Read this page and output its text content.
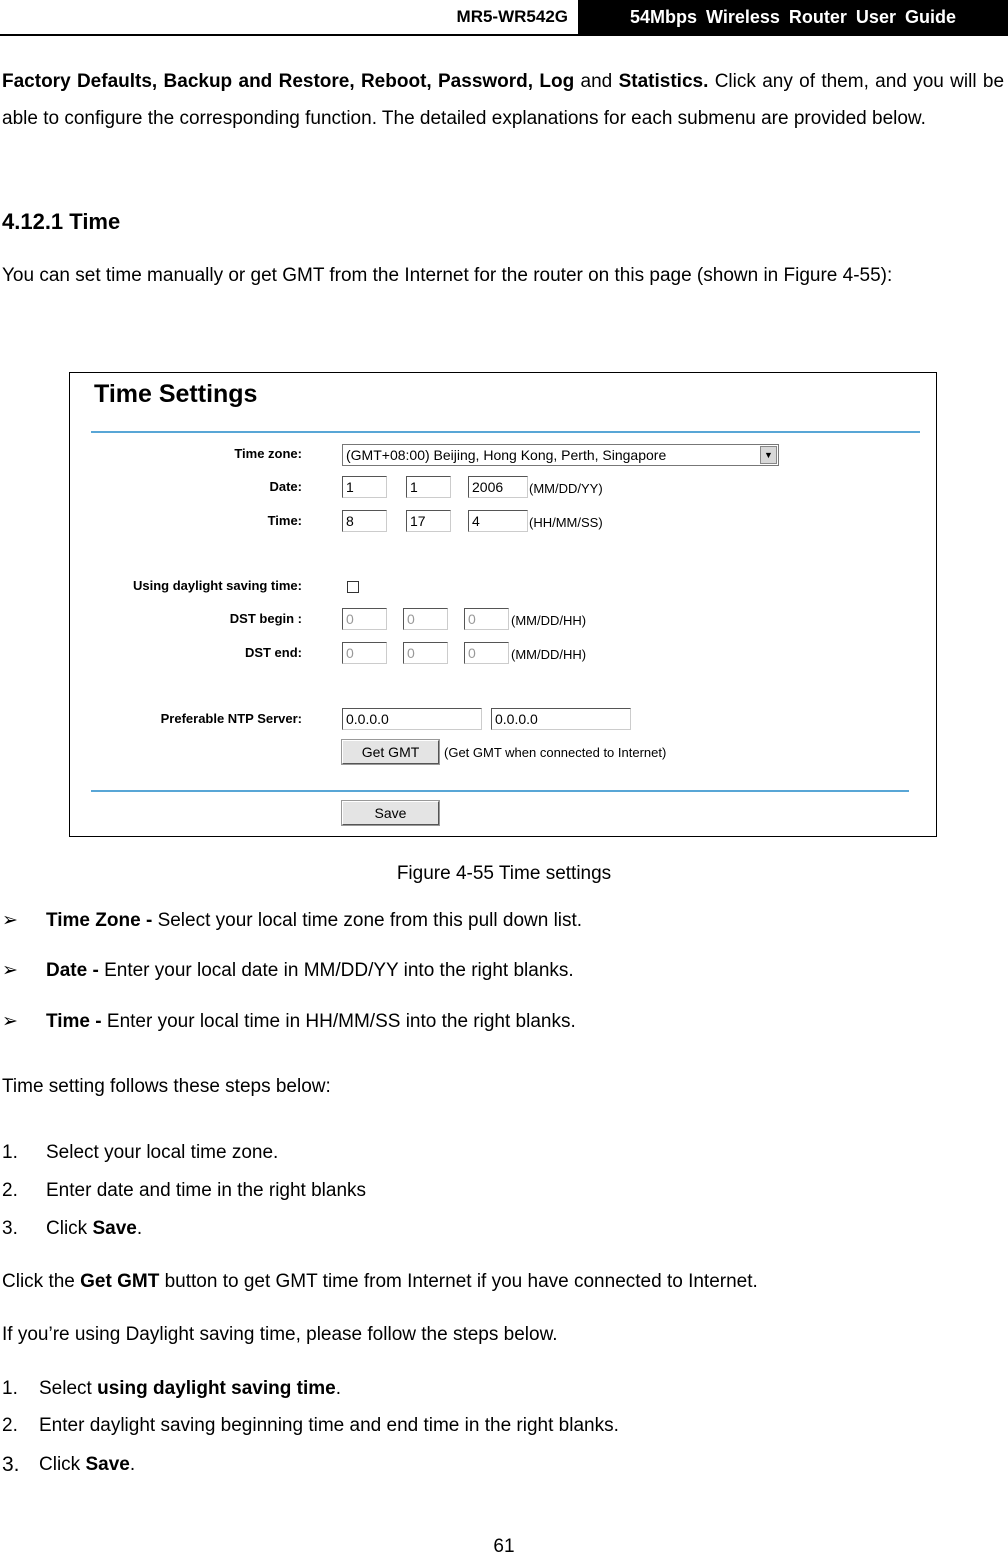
MR5-WR542G	54Mbps Wireless Router User Guide
Factory Defaults, Backup and Restore, Reboot, Password, Log and Statistics. Click any of them, and you will be able to configure the corresponding function. The detailed explanations for each submenu are provided below.
4.12.1 Time
You can set time manually or get GMT from the Internet for the router on this page (shown in Figure 4-55):
Time Settings
Time zone:	(GMT+08:00) Beijing, Hong Kong, Perth, Singapore	▼
Date:	1	1	2006	(MM/DD/YY)
Time:	8	17	4	(HH/MM/SS)
Using daylight saving time:
DST begin :	0	0	0	(MM/DD/HH)
DST end:	0	0	0	(MM/DD/HH)
Preferable NTP Server:	0.0.0.0	0.0.0.0
Get GMT	(Get GMT when connected to Internet)
Save
Figure 4-55 Time settings
➢	Time Zone - Select your local time zone from this pull down list.
➢	Date - Enter your local date in MM/DD/YY into the right blanks.
➢	Time - Enter your local time in HH/MM/SS into the right blanks.
Time setting follows these steps below:
1. Select your local time zone.
2. Enter date and time in the right blanks
3. Click Save.
Click the Get GMT button to get GMT time from Internet if you have connected to Internet.
If you’re using Daylight saving time, please follow the steps below.
1. Select using daylight saving time.
2. Enter daylight saving beginning time and end time in the right blanks.
3. Click Save.
61
